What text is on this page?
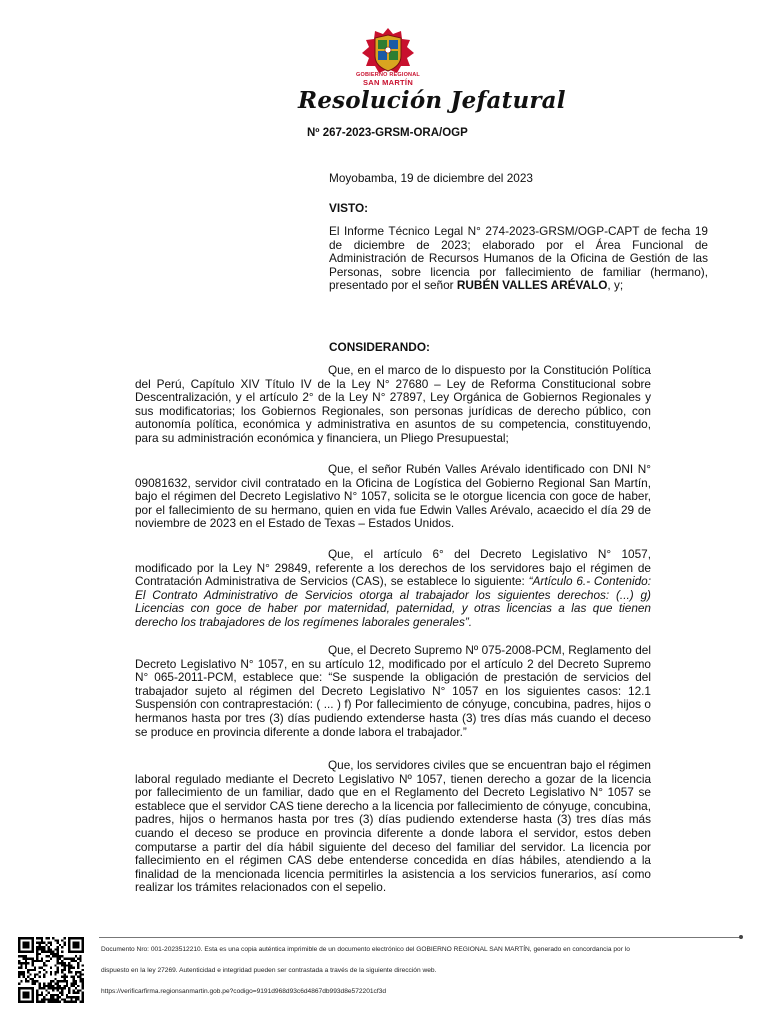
GOBIERNO REGIONAL
SAN MARTÍN
Resolución Jefatural
Nº 267-2023-GRSM-ORA/OGP
Moyobamba, 19 de diciembre del 2023
VISTO:
El Informe Técnico Legal N° 274-2023-GRSM/OGP-CAPT de fecha 19 de diciembre de 2023; elaborado por el Área Funcional de Administración de Recursos Humanos de la Oficina de Gestión de las Personas, sobre licencia por fallecimiento de familiar (hermano), presentado por el señor RUBÉN VALLES ARÉVALO, y;
CONSIDERANDO:
Que, en el marco de lo dispuesto por la Constitución Política del Perú, Capítulo XIV Título IV de la Ley N° 27680 – Ley de Reforma Constitucional sobre Descentralización, y el artículo 2° de la Ley N° 27897, Ley Orgánica de Gobiernos Regionales y sus modificatorias; los Gobiernos Regionales, son personas jurídicas de derecho público, con autonomía política, económica y administrativa en asuntos de su competencia, constituyendo, para su administración económica y financiera, un Pliego Presupuestal;
Que, el señor Rubén Valles Arévalo identificado con DNI N° 09081632, servidor civil contratado en la Oficina de Logística del Gobierno Regional San Martín, bajo el régimen del Decreto Legislativo N° 1057, solicita se le otorgue licencia con goce de haber, por el fallecimiento de su hermano, quien en vida fue Edwin Valles Arévalo, acaecido el día 29 de noviembre de 2023 en el Estado de Texas – Estados Unidos.
Que, el artículo 6° del Decreto Legislativo N° 1057, modificado por la Ley N° 29849, referente a los derechos de los servidores bajo el régimen de Contratación Administrativa de Servicios (CAS), se establece lo siguiente: “Artículo 6.- Contenido: El Contrato Administrativo de Servicios otorga al trabajador los siguientes derechos: (...) g) Licencias con goce de haber por maternidad, paternidad, y otras licencias a las que tienen derecho los trabajadores de los regímenes laborales generales”.
Que, el Decreto Supremo Nº 075-2008-PCM, Reglamento del Decreto Legislativo N° 1057, en su artículo 12, modificado por el artículo 2 del Decreto Supremo N° 065-2011-PCM, establece que: “Se suspende la obligación de prestación de servicios del trabajador sujeto al régimen del Decreto Legislativo N° 1057 en los siguientes casos: 12.1 Suspensión con contraprestación: ( ... ) f) Por fallecimiento de cónyuge, concubina, padres, hijos o hermanos hasta por tres (3) días pudiendo extenderse hasta (3) tres días más cuando el deceso se produce en provincia diferente a donde labora el trabajador.”
Que, los servidores civiles que se encuentran bajo el régimen laboral regulado mediante el Decreto Legislativo Nº 1057, tienen derecho a gozar de la licencia por fallecimiento de un familiar, dado que en el Reglamento del Decreto Legislativo N° 1057 se establece que el servidor CAS tiene derecho a la licencia por fallecimiento de cónyuge, concubina, padres, hijos o hermanos hasta por tres (3) días pudiendo extenderse hasta (3) tres días más cuando el deceso se produce en provincia diferente a donde labora el servidor, estos deben computarse a partir del día hábil siguiente del deceso del familiar del servidor. La licencia por fallecimiento en el régimen CAS debe entenderse concedida en días hábiles, atendiendo a la finalidad de la mencionada licencia permitirles la asistencia a los servicios funerarios, así como realizar los trámites relacionados con el sepelio.
Documento Nro: 001-2023512210. Esta es una copia auténtica imprimible de un documento electrónico del GOBIERNO REGIONAL SAN MARTÍN, generado en concordancia por lo
dispuesto en la ley 27269. Autenticidad e integridad pueden ser contrastada a través de la siguiente dirección web.
https://verificarfirma.regionsanmartin.gob.pe?codigo=9191d968d93c6d4867db993d8e572201cf3d
